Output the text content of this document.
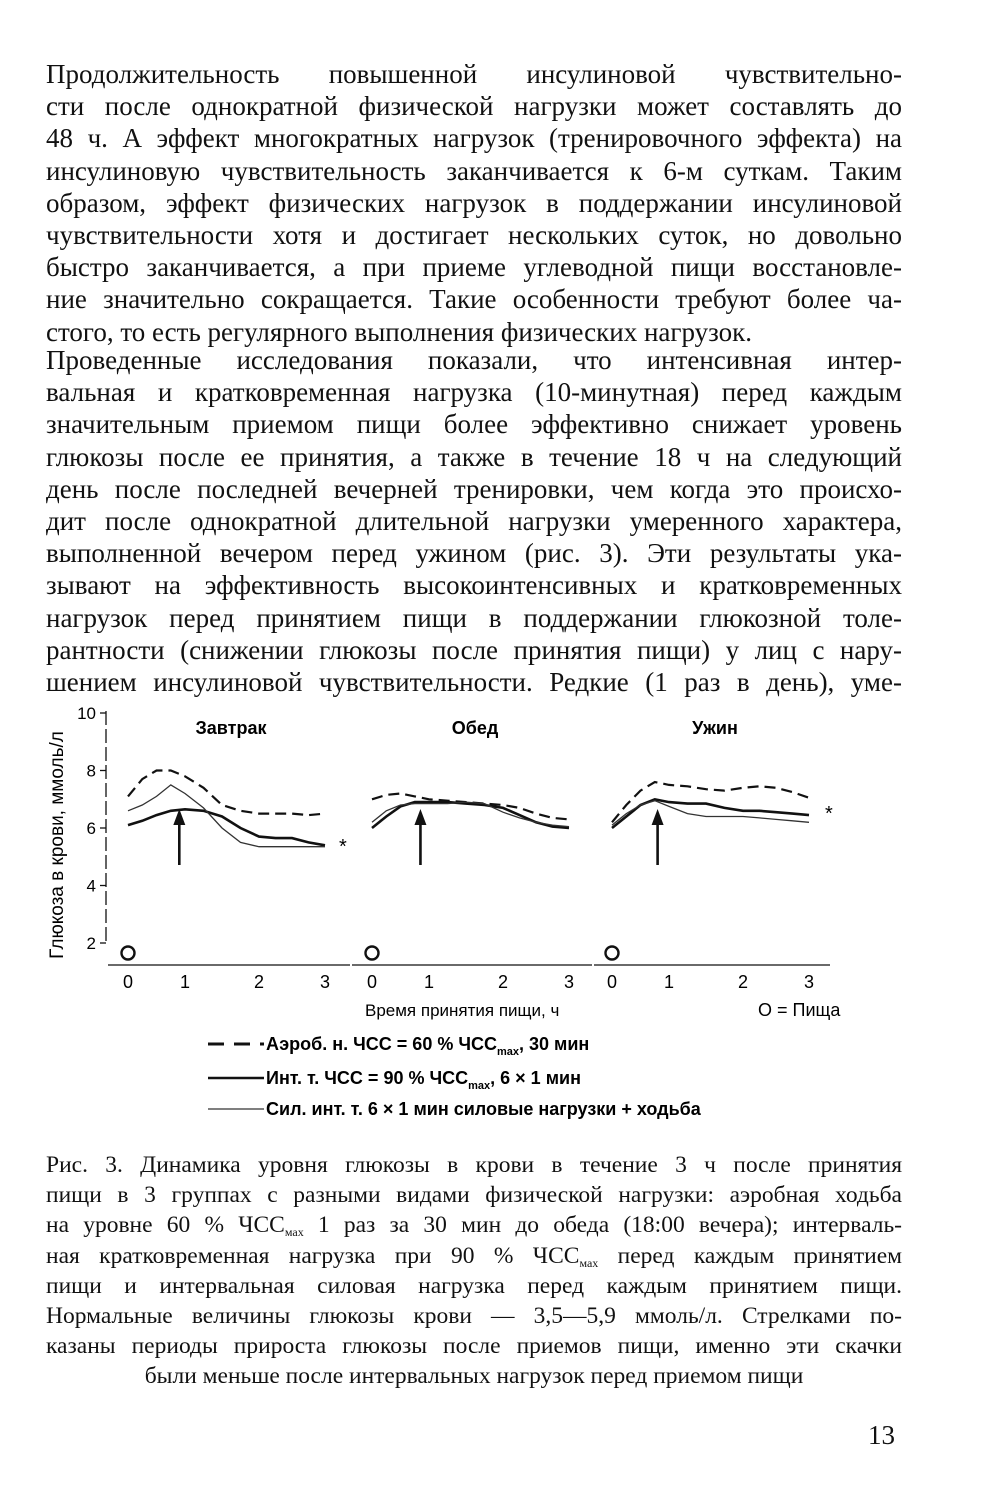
Продолжительность повышенной инсулиновой чувствительно-
сти после однократной физической нагрузки может составлять до
48 ч. А эффект многократных нагрузок (тренировочного эффекта) на
инсулиновую чувствительность заканчивается к 6-м суткам. Таким
образом, эффект физических нагрузок в поддержании инсулиновой
чувствительности хотя и достигает нескольких суток, но довольно
быстро заканчивается, а при приеме углеводной пищи восстановле-
ние значительно сокращается. Такие особенности требуют более ча-
стого, то есть регулярного выполнения физических нагрузок.
Проведенные исследования показали, что интенсивная интер-
вальная и кратковременная нагрузка (10-минутная) перед каждым
значительным приемом пищи более эффективно снижает уровень
глюкозы после ее принятия, а также в течение 18 ч на следующий
день после последней вечерней тренировки, чем когда это происхо-
дит после однократной длительной нагрузки умеренного характера,
выполненной вечером перед ужином (рис. 3). Эти результаты ука-
зывают на эффективность высокоинтенсивных и кратковременных
нагрузок перед принятием пищи в поддержании глюкозной толе-
рантности (снижении глюкозы после принятия пищи) у лиц с нару-
шением инсулиновой чувствительности. Редкие (1 раз в день), уме-
10
8
6
4
2
Глюкоза в крови, ммоль/л
Завтрак
*
0	1	2	3
Обед
0	1	2	3
Ужин
*
0	1	2	3
Время принятия пищи, ч	O = Пища
Аэроб. н. ЧСС = 60 % $ЧСС_{max}$, 30 мин
Инт. т. ЧСС = 90 % $ЧСС_{max}$, 6 × 1 мин
Сил. инт. т. 6 × 1 мин силовые нагрузки + ходьба
Рис. 3. Динамика уровня глюкозы в крови в течение 3 ч после принятия
пищи в 3 группах с разными видами физической нагрузки: аэробная ходьба
на уровне 60 % $ЧСС_{мах}$ 1 раз за 30 мин до обеда (18:00 вечера); интерваль-
ная кратковременная нагрузка при 90 % $ЧСС_{мах}$ перед каждым принятием
пищи и интервальная силовая нагрузка перед каждым принятием пищи.
Нормальные величины глюкозы крови — 3,5—5,9 ммоль/л. Стрелками по-
казаны периоды прироста глюкозы после приемов пищи, именно эти скачки
были меньше после интервальных нагрузок перед приемом пищи
13
